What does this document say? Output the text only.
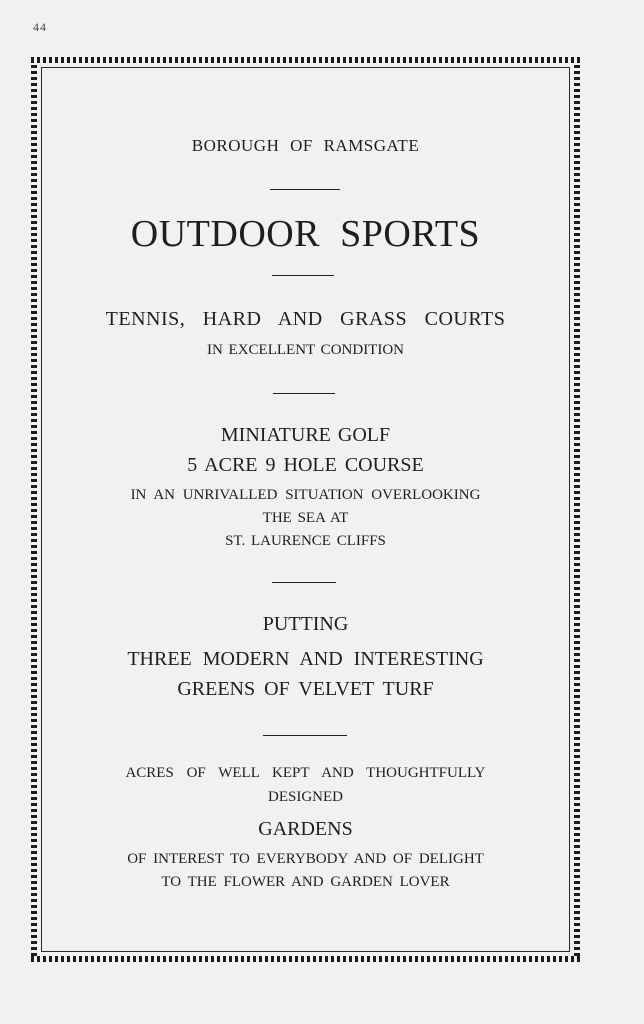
44
BOROUGH OF RAMSGATE
OUTDOOR SPORTS
TENNIS, HARD AND GRASS COURTS
IN EXCELLENT CONDITION
MINIATURE GOLF
5 ACRE 9 HOLE COURSE
IN AN UNRIVALLED SITUATION OVERLOOKING
THE SEA AT
ST. LAURENCE CLIFFS
PUTTING
THREE MODERN AND INTERESTING
GREENS OF VELVET TURF
ACRES OF WELL KEPT AND THOUGHTFULLY
DESIGNED
GARDENS
OF INTEREST TO EVERYBODY AND OF DELIGHT
TO THE FLOWER AND GARDEN LOVER
